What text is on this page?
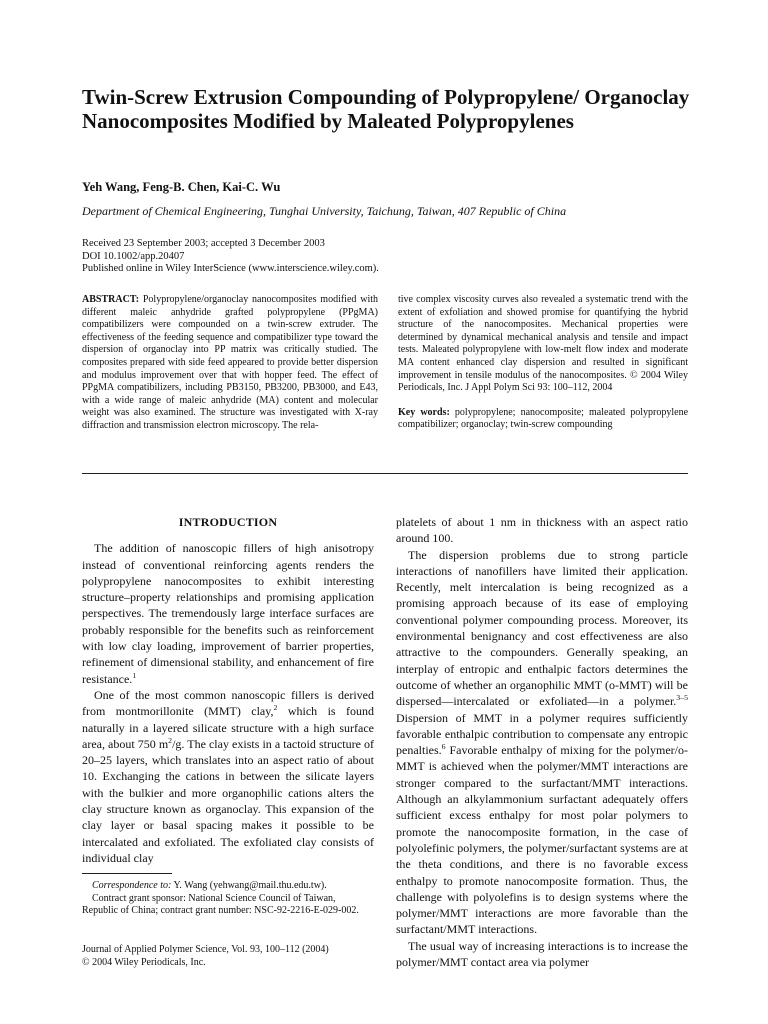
Twin-Screw Extrusion Compounding of Polypropylene/ Organoclay Nanocomposites Modified by Maleated Polypropylenes

Yeh Wang, Feng-B. Chen, Kai-C. Wu

Department of Chemical Engineering, Tunghai University, Taichung, Taiwan, 407 Republic of China

Received 23 September 2003; accepted 3 December 2003
DOI 10.1002/app.20407
Published online in Wiley InterScience (www.interscience.wiley.com).
ABSTRACT: Polypropylene/organoclay nanocomposites modified with different maleic anhydride grafted polypropylene (PPgMA) compatibilizers were compounded on a twin-screw extruder. The effectiveness of the feeding sequence and compatibilizer type toward the dispersion of organoclay into PP matrix was critically studied. The composites prepared with side feed appeared to provide better dispersion and modulus improvement over that with hopper feed. The effect of PPgMA compatibilizers, including PB3150, PB3200, PB3000, and E43, with a wide range of maleic anhydride (MA) content and molecular weight was also examined. The structure was investigated with X-ray diffraction and transmission electron microscopy. The rela-
tive complex viscosity curves also revealed a systematic trend with the extent of exfoliation and showed promise for quantifying the hybrid structure of the nanocomposites. Mechanical properties were determined by dynamical mechanical analysis and tensile and impact tests. Maleated polypropylene with low-melt flow index and moderate MA content enhanced clay dispersion and resulted in significant improvement in tensile modulus of the nanocomposites. © 2004 Wiley Periodicals, Inc. J Appl Polym Sci 93: 100–112, 2004
Key words: polypropylene; nanocomposite; maleated polypropylene compatibilizer; organoclay; twin-screw compounding
INTRODUCTION

The addition of nanoscopic fillers of high anisotropy instead of conventional reinforcing agents renders the polypropylene nanocomposites to exhibit interesting structure–property relationships and promising application perspectives. The tremendously large interface surfaces are probably responsible for the benefits such as reinforcement with low clay loading, improvement of barrier properties, refinement of dimensional stability, and enhancement of fire resistance.$^1$

One of the most common nanoscopic fillers is derived from montmorillonite (MMT) clay,$^2$ which is found naturally in a layered silicate structure with a high surface area, about 750 $m^2/g$. The clay exists in a tactoid structure of 20–25 layers, which translates into an aspect ratio of about 10. Exchanging the cations in between the silicate layers with the bulkier and more organophilic cations alters the clay structure known as organoclay. This expansion of the clay layer or basal spacing makes it possible to be intercalated and exfoliated. The exfoliated clay consists of individual clay

platelets of about 1 nm in thickness with an aspect ratio around 100.

The dispersion problems due to strong particle interactions of nanofillers have limited their application. Recently, melt intercalation is being recognized as a promising approach because of its ease of employing conventional polymer compounding process. Moreover, its environmental benignancy and cost effectiveness are also attractive to the compounders. Generally speaking, an interplay of entropic and enthalpic factors determines the outcome of whether an organophilic MMT (o-MMT) will be dispersed—intercalated or exfoliated—in a polymer.$^{3-5}$ Dispersion of MMT in a polymer requires sufficiently favorable enthalpic contribution to compensate any entropic penalties.$^6$ Favorable enthalpy of mixing for the polymer/o-MMT is achieved when the polymer/MMT interactions are stronger compared to the surfactant/MMT interactions. Although an alkylammonium surfactant adequately offers sufficient excess enthalpy for most polar polymers to promote the nanocomposite formation, in the case of polyolefinic polymers, the polymer/surfactant systems are at the theta conditions, and there is no favorable excess enthalpy to promote nanocomposite formation. Thus, the challenge with polyolefins is to design systems where the polymer/MMT interactions are more favorable than the surfactant/MMT interactions.

The usual way of increasing interactions is to increase the polymer/MMT contact area via polymer

Correspondence to: Y. Wang (yehwang@mail.thu.edu.tw).

Contract grant sponsor: National Science Council of Taiwan, Republic of China; contract grant number: NSC-92-2216-E-029-002.

Journal of Applied Polymer Science, Vol. 93, 100–112 (2004)
© 2004 Wiley Periodicals, Inc.
